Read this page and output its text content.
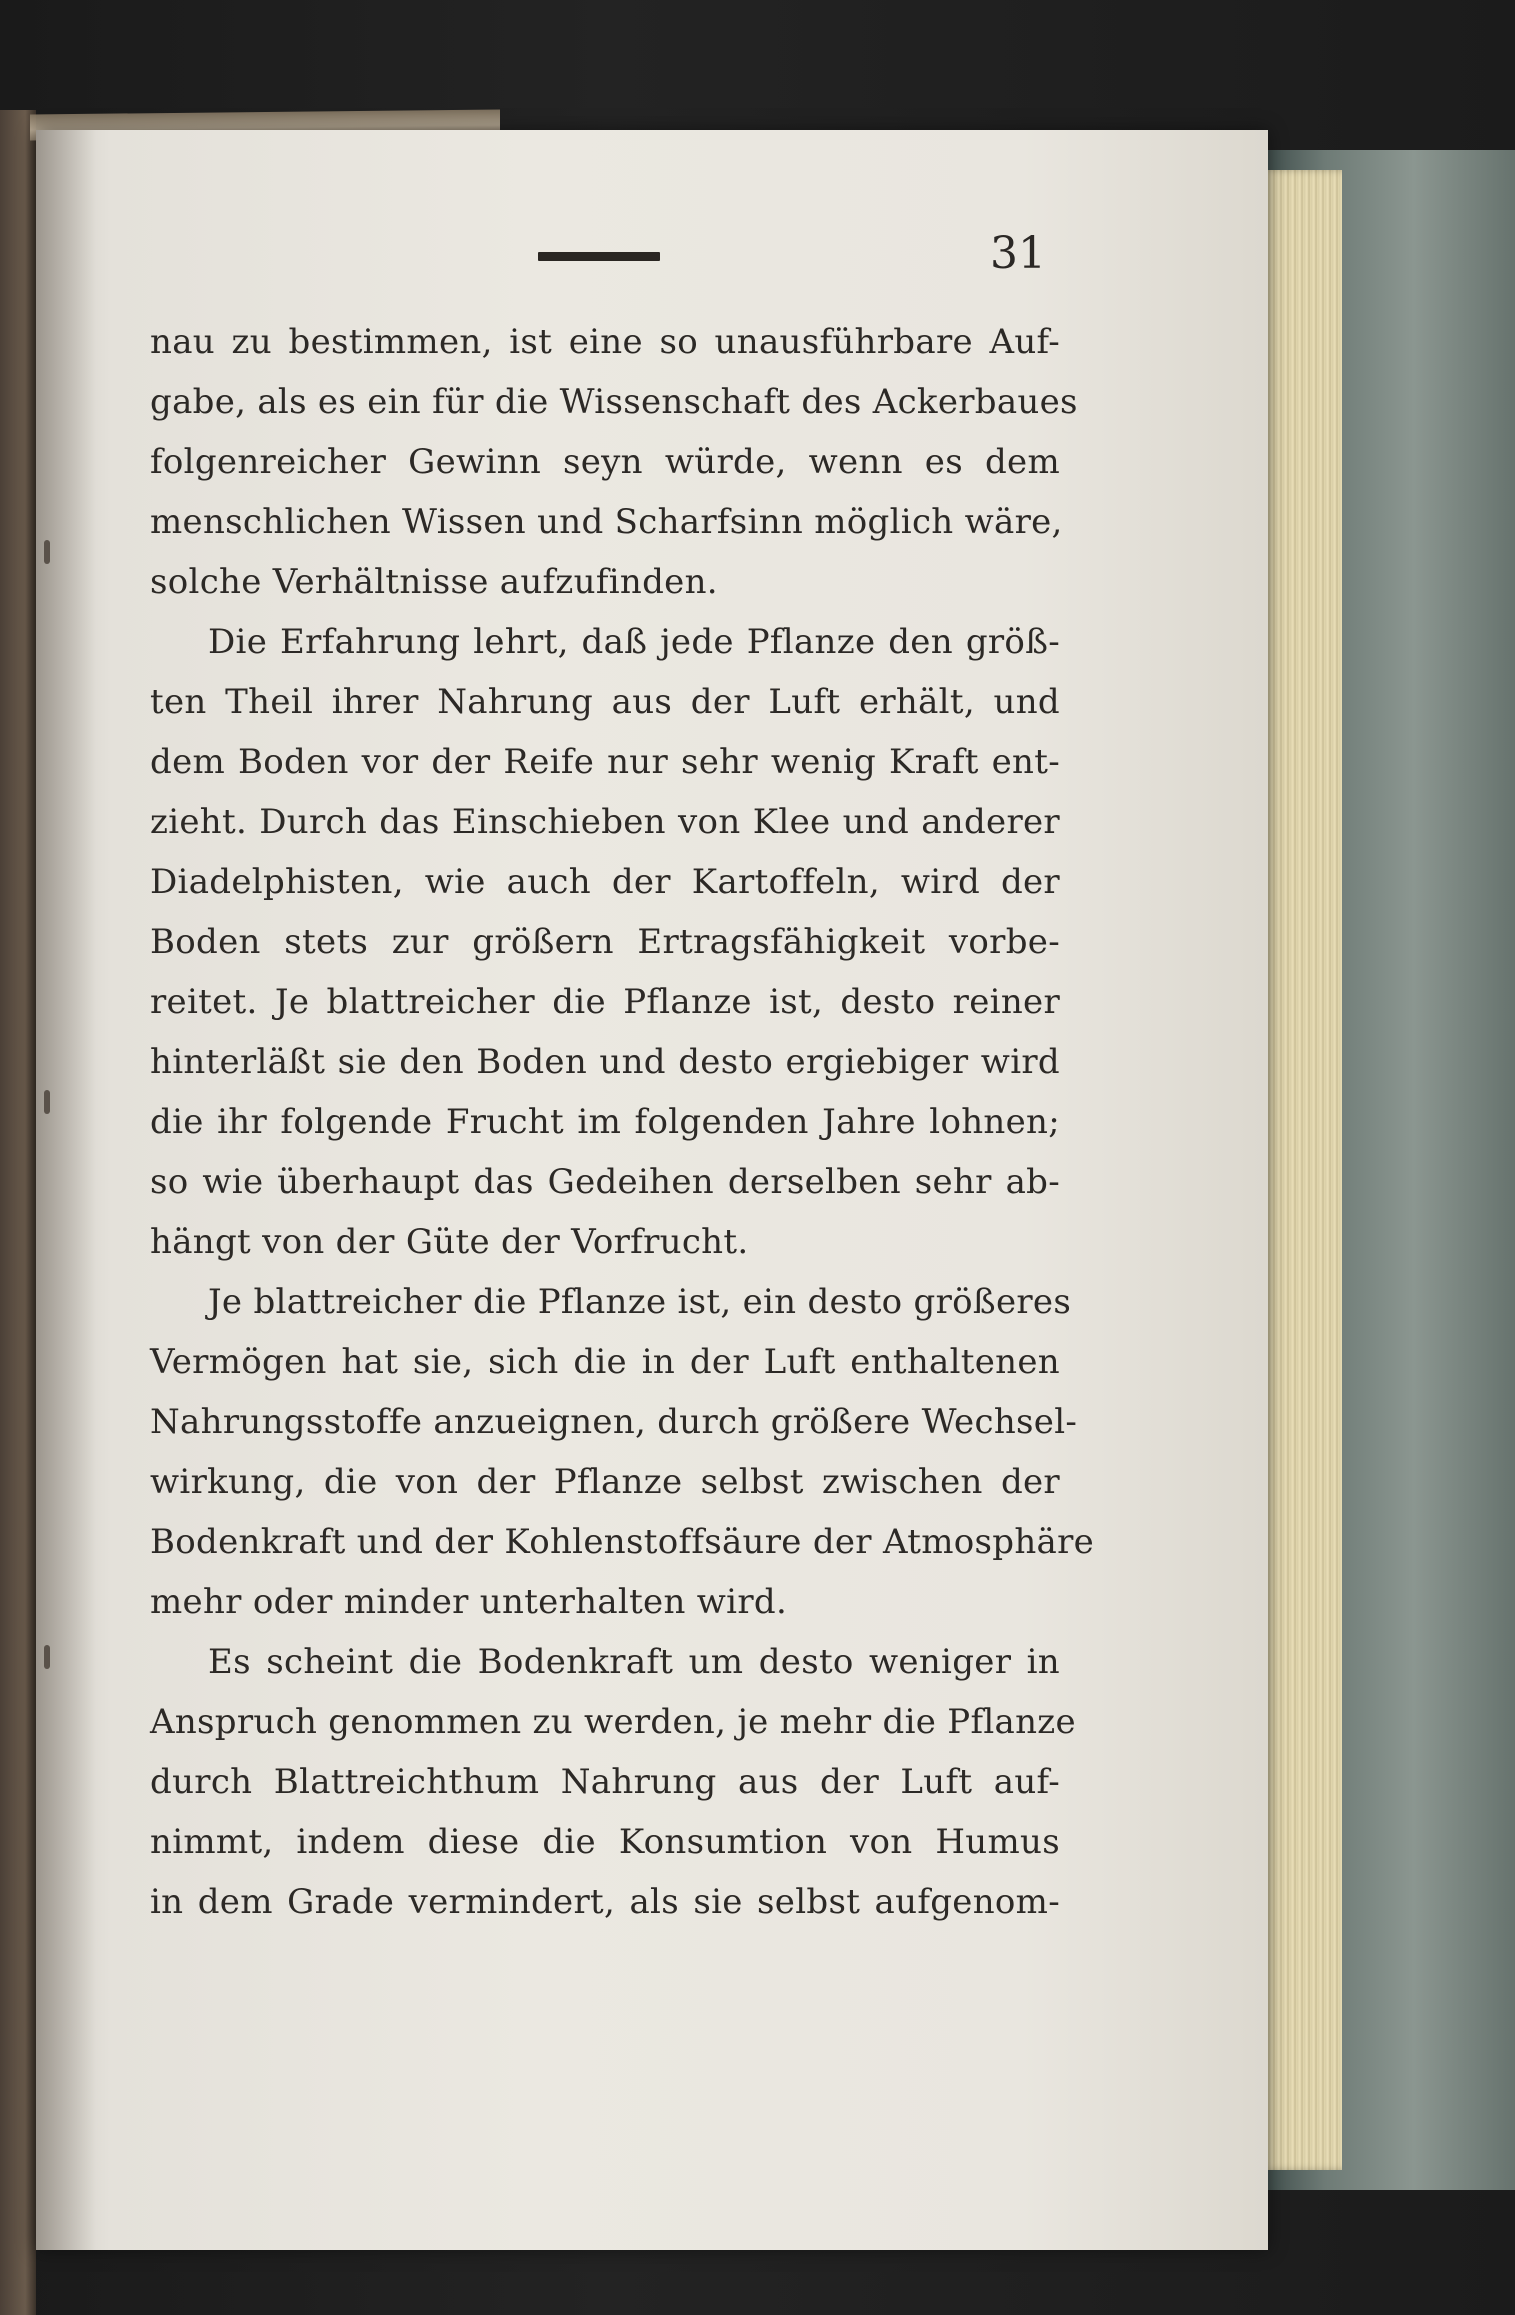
31
nau zu bestimmen, ist eine so unausführbare Auf-
gabe, als es ein für die Wissenschaft des Ackerbaues
folgenreicher Gewinn seyn würde, wenn es dem
menschlichen Wissen und Scharfsinn möglich wäre,
solche Verhältnisse aufzufinden.
Die Erfahrung lehrt, daß jede Pflanze den größ-
ten Theil ihrer Nahrung aus der Luft erhält, und
dem Boden vor der Reife nur sehr wenig Kraft ent-
zieht. Durch das Einschieben von Klee und anderer
Diadelphisten, wie auch der Kartoffeln, wird der
Boden stets zur größern Ertragsfähigkeit vorbe-
reitet. Je blattreicher die Pflanze ist, desto reiner
hinterläßt sie den Boden und desto ergiebiger wird
die ihr folgende Frucht im folgenden Jahre lohnen;
so wie überhaupt das Gedeihen derselben sehr ab-
hängt von der Güte der Vorfrucht.
Je blattreicher die Pflanze ist, ein desto größeres
Vermögen hat sie, sich die in der Luft enthaltenen
Nahrungsstoffe anzueignen, durch größere Wechsel-
wirkung, die von der Pflanze selbst zwischen der
Bodenkraft und der Kohlenstoffsäure der Atmosphäre
mehr oder minder unterhalten wird.
Es scheint die Bodenkraft um desto weniger in
Anspruch genommen zu werden, je mehr die Pflanze
durch Blattreichthum Nahrung aus der Luft auf-
nimmt, indem diese die Konsumtion von Humus
in dem Grade vermindert, als sie selbst aufgenom-
